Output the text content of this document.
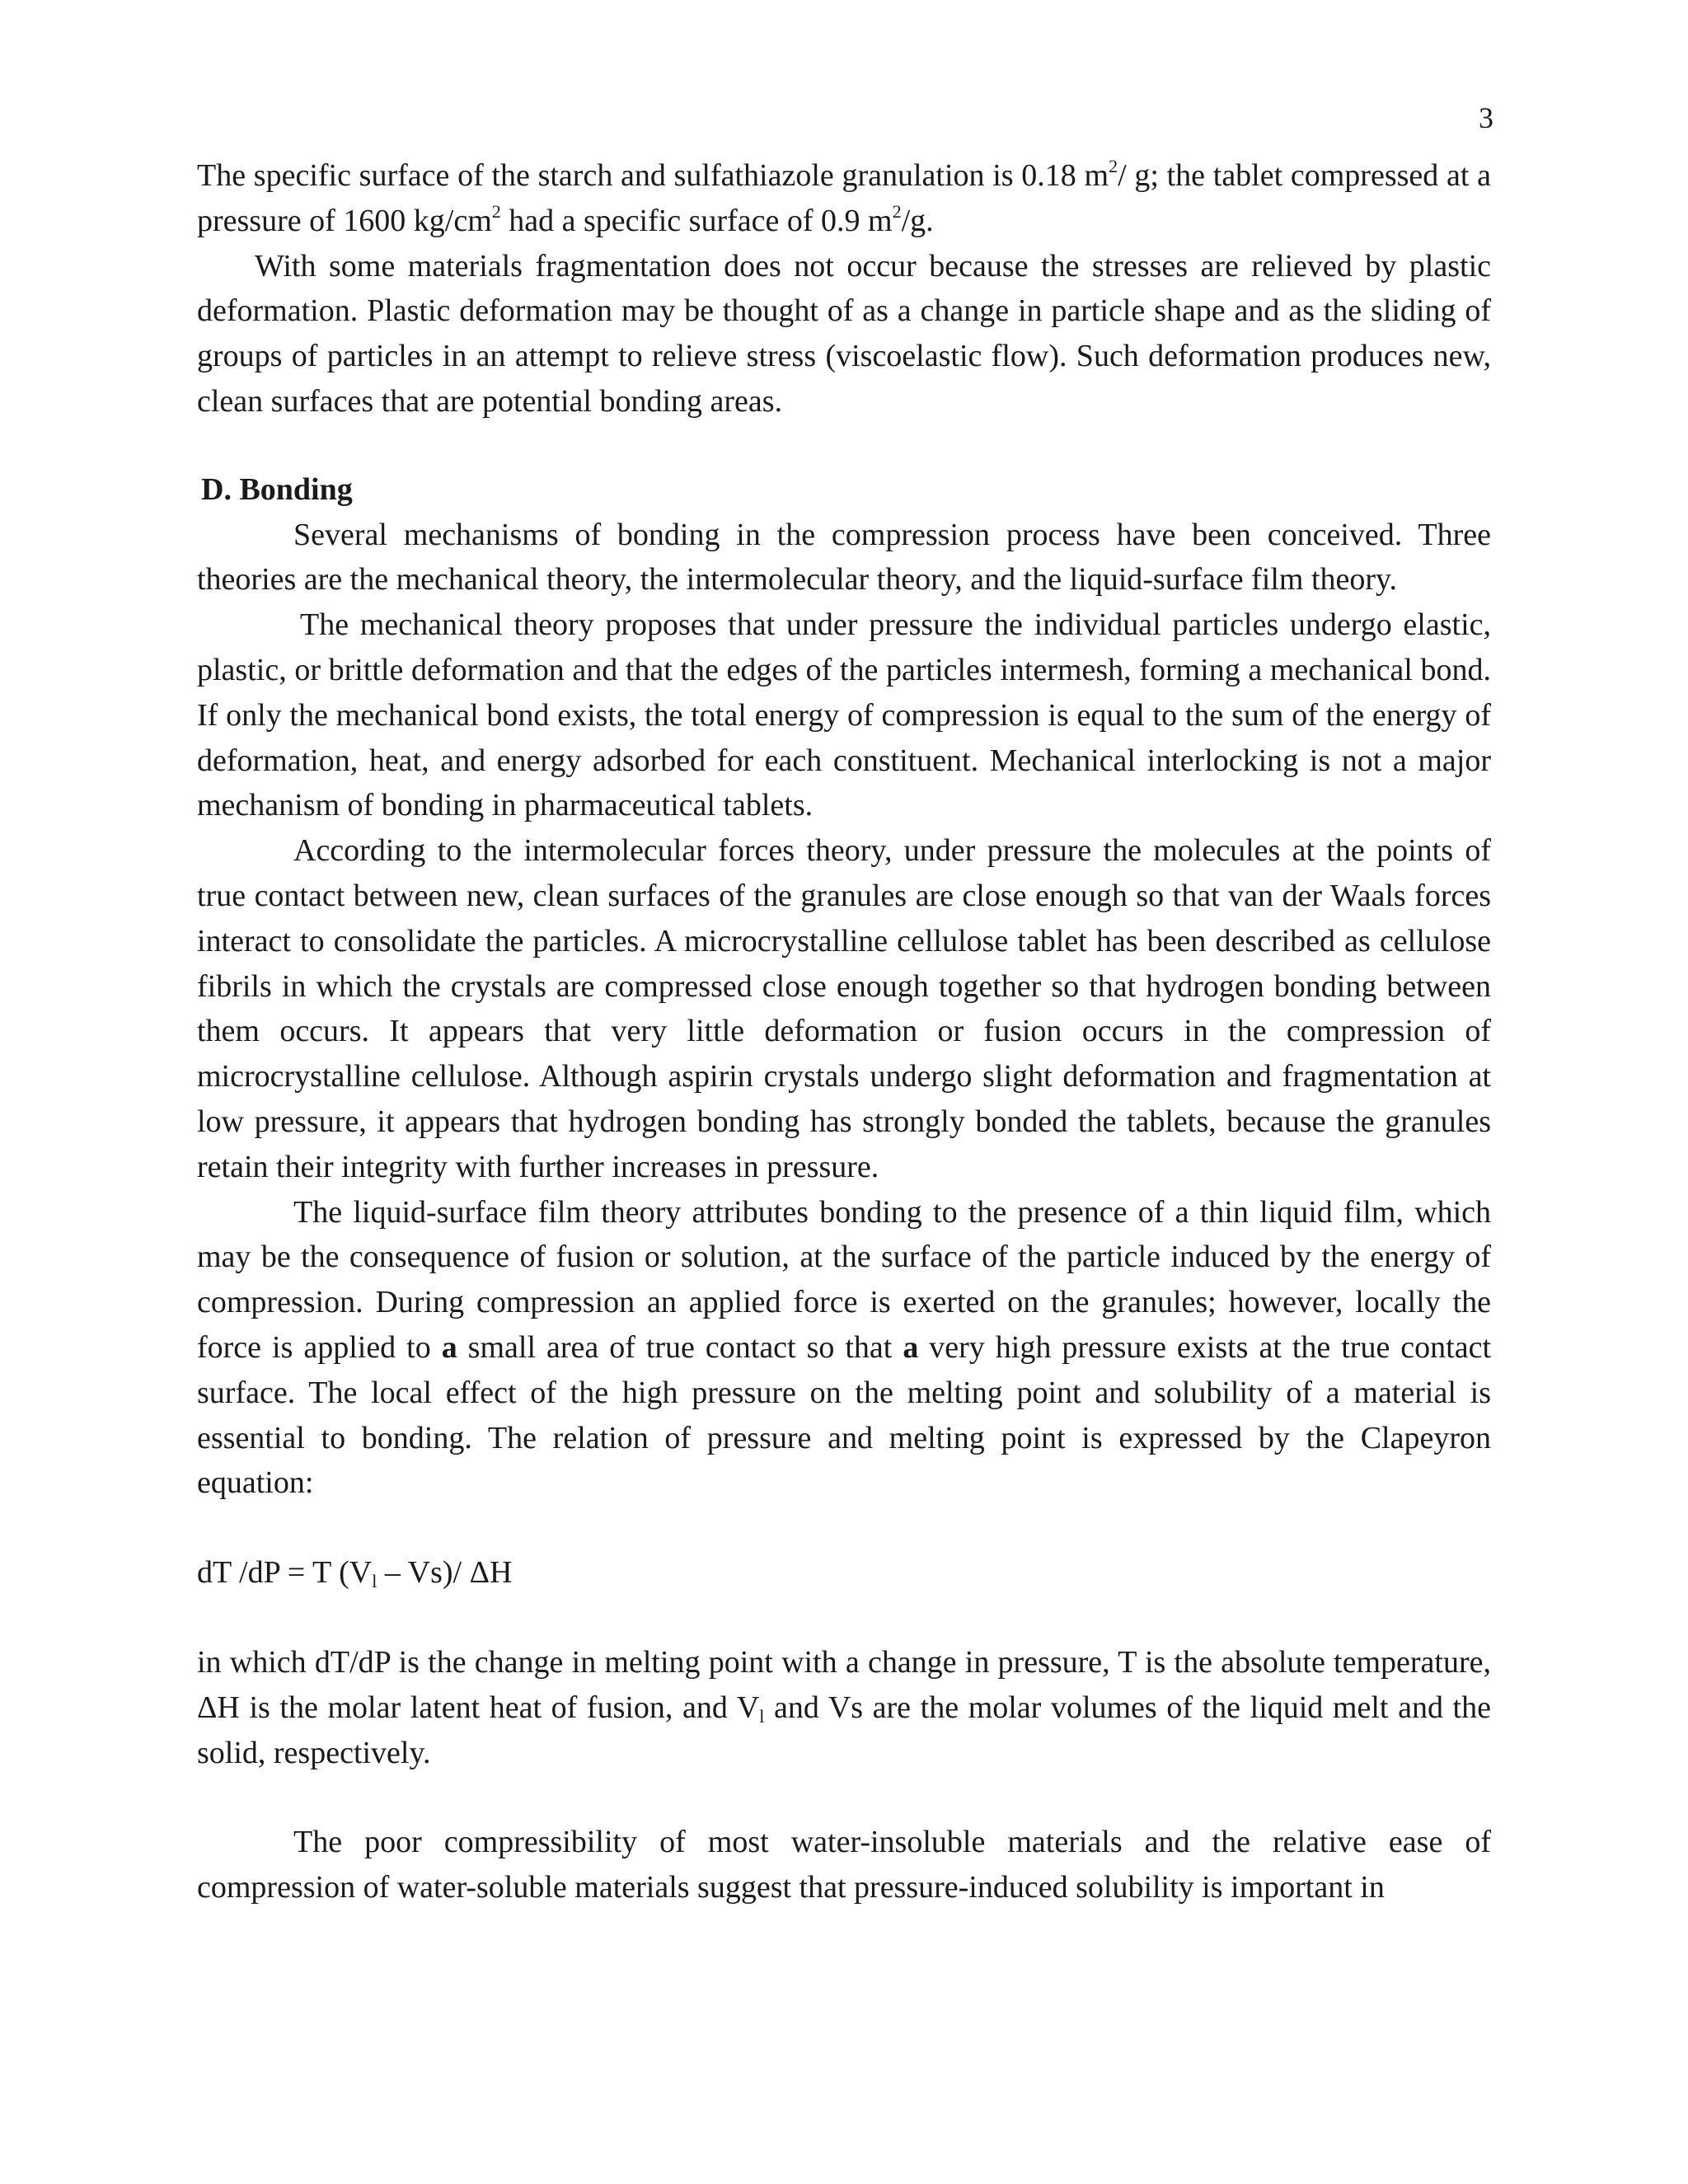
3

The specific surface of the starch and sulfathiazole granulation is 0.18 $m^2/$ g; the tablet compressed at a pressure of 1600 $kg/cm^2$ had a specific surface of 0.9 $m^2/g$.

With some materials fragmentation does not occur because the stresses are relieved by plastic deformation. Plastic deformation may be thought of as a change in particle shape and as the sliding of groups of particles in an attempt to relieve stress (viscoelastic flow). Such deformation produces new, clean surfaces that are potential bonding areas.

D. Bonding

Several mechanisms of bonding in the compression process have been conceived. Three theories are the mechanical theory, the intermolecular theory, and the liquid-surface film theory.

The mechanical theory proposes that under pressure the individual particles undergo elastic, plastic, or brittle deformation and that the edges of the particles intermesh, forming a mechanical bond. If only the mechanical bond exists, the total energy of compression is equal to the sum of the energy of deformation, heat, and energy adsorbed for each constituent. Mechanical interlocking is not a major mechanism of bonding in pharmaceutical tablets.

According to the intermolecular forces theory, under pressure the molecules at the points of true contact between new, clean surfaces of the granules are close enough so that van der Waals forces interact to consolidate the particles. A microcrystalline cellulose tablet has been described as cellulose fibrils in which the crystals are compressed close enough together so that hydrogen bonding between them occurs. It appears that very little deformation or fusion occurs in the compression of microcrystalline cellulose. Although aspirin crystals undergo slight deformation and fragmentation at low pressure, it appears that hydrogen bonding has strongly bonded the tablets, because the granules retain their integrity with further increases in pressure.

The liquid-surface film theory attributes bonding to the presence of a thin liquid film, which may be the consequence of fusion or solution, at the surface of the particle induced by the energy of compression. During compression an applied force is exerted on the granules; however, locally the force is applied to a small area of true contact so that a very high pressure exists at the true contact surface. The local effect of the high pressure on the melting point and solubility of a material is essential to bonding. The relation of pressure and melting point is expressed by the Clapeyron equation:

dT /dP = T $(V_l - Vs)/$ ΔH

in which dT/dP is the change in melting point with a change in pressure, T is the absolute temperature, ΔH is the molar latent heat of fusion, and $V_l$ and Vs are the molar volumes of the liquid melt and the solid, respectively.

The poor compressibility of most water-insoluble materials and the relative ease of compression of water-soluble materials suggest that pressure-induced solubility is important in
